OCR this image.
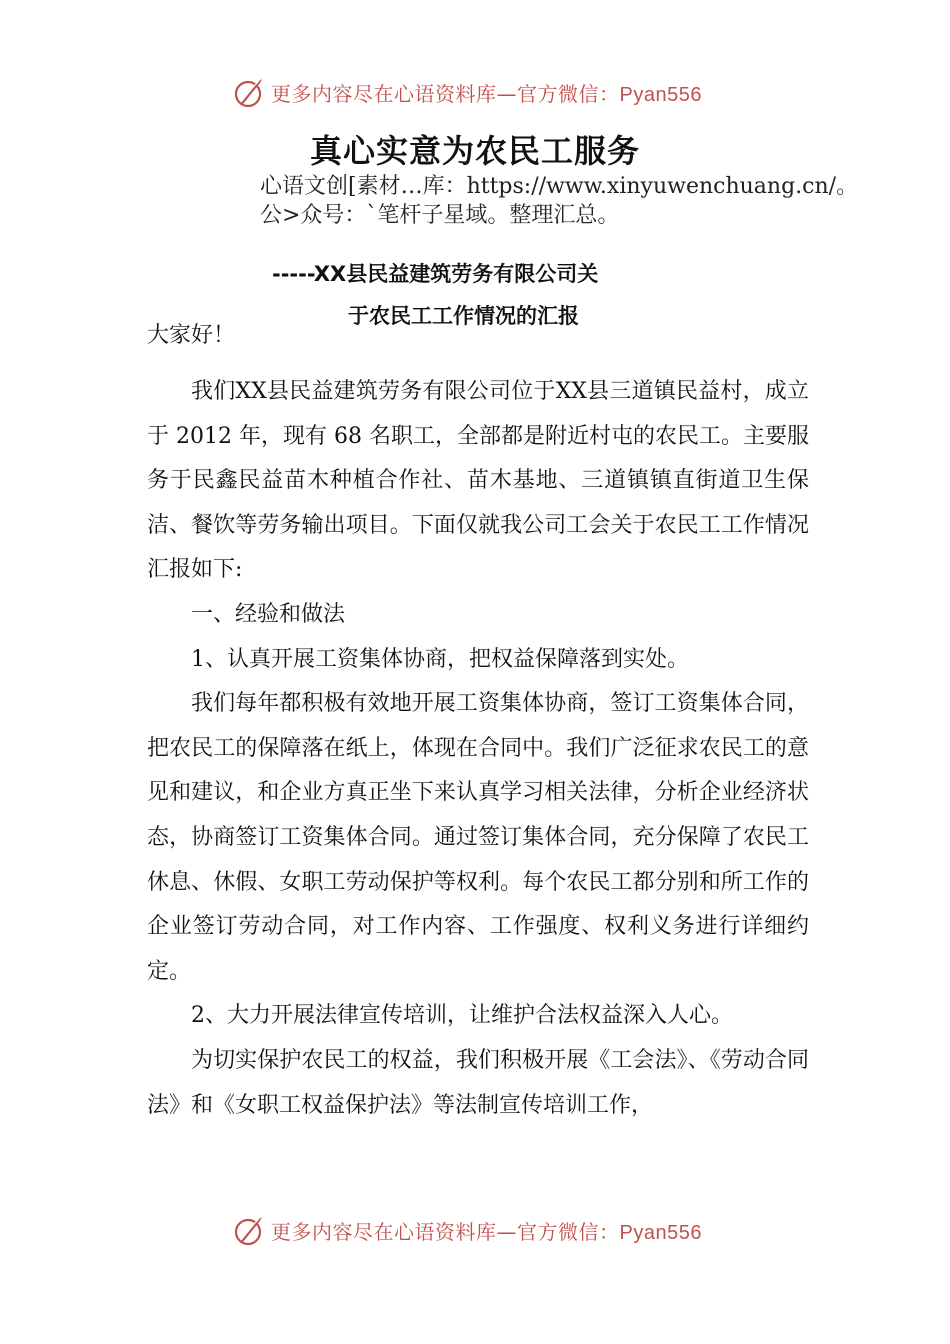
更多内容尽在心语资料库—官方微信：Pyan556
真心实意为农民工服务
心语文创[素材…库：https://www.xinyuwenchuang.cn/。公>众号：`笔杆子星域。整理汇总。
-----XX县民益建筑劳务有限公司关
于农民工工作情况的汇报
大家好！

我们XX县民益建筑劳务有限公司位于XX县三道镇民益村，成立于 2012 年，现有 68 名职工，全部都是附近村屯的农民工。主要服务于民鑫民益苗木种植合作社、苗木基地、三道镇镇直街道卫生保洁、餐饮等劳务输出项目。下面仅就我公司工会关于农民工工作情况汇报如下:

一、经验和做法

1、认真开展工资集体协商，把权益保障落到实处。

我们每年都积极有效地开展工资集体协商，签订工资集体合同，把农民工的保障落在纸上，体现在合同中。我们广泛征求农民工的意见和建议，和企业方真正坐下来认真学习相关法律，分析企业经济状态，协商签订工资集体合同。通过签订集体合同，充分保障了农民工休息、休假、女职工劳动保护等权利。每个农民工都分别和所工作的企业签订劳动合同，对工作内容、工作强度、权利义务进行详细约定。

2、大力开展法律宣传培训，让维护合法权益深入人心。

为切实保护农民工的权益，我们积极开展《工会法》、《劳动合同法》和《女职工权益保护法》等法制宣传培训工作，

更多内容尽在心语资料库—官方微信：Pyan556
